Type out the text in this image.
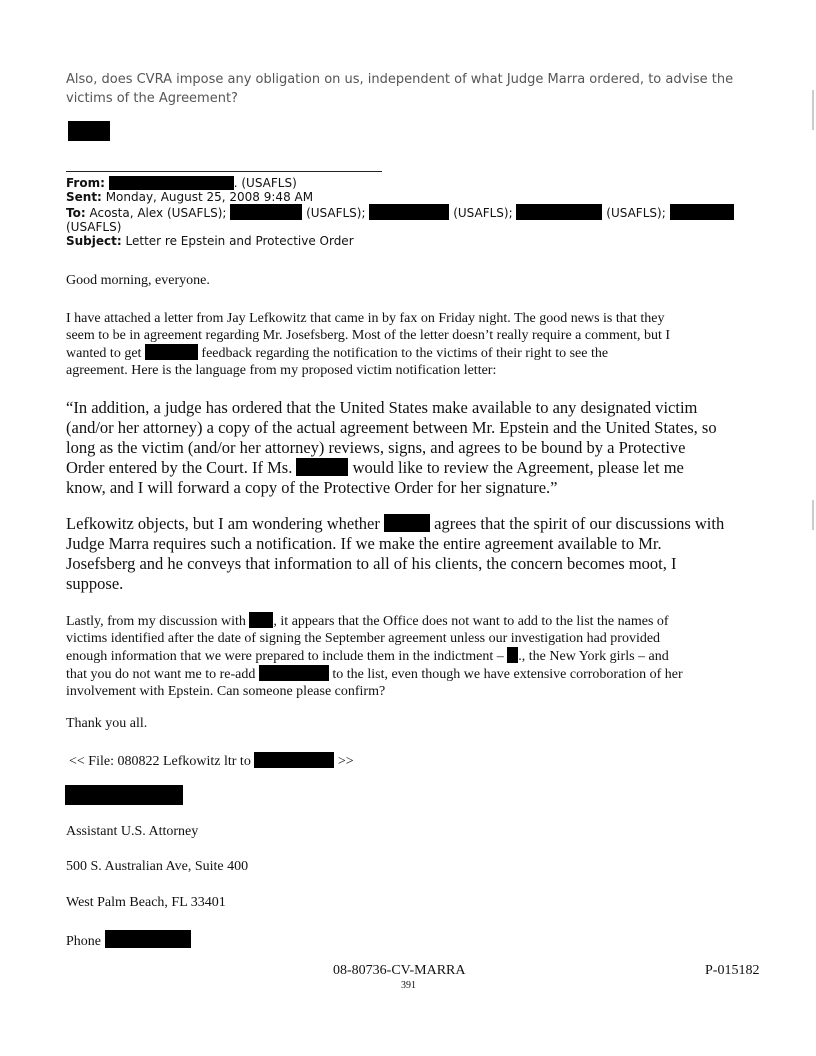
Also, does CVRA impose any obligation on us, independent of what Judge Marra ordered, to advise the victims of the Agreement?
From:	. (USAFLS)
Sent: Monday, August 25, 2008 9:48 AM
To: Acosta, Alex (USAFLS);	(USAFLS);	(USAFLS);	(USAFLS);
(USAFLS)
Subject: Letter re Epstein and Protective Order
Good morning, everyone.
I have attached a letter from Jay Lefkowitz that came in by fax on Friday night. The good news is that they
seem to be in agreement regarding Mr. Josefsberg. Most of the letter doesn’t really require a comment, but I
wanted to get	feedback regarding the notification to the victims of their right to see the
agreement. Here is the language from my proposed victim notification letter:
“In addition, a judge has ordered that the United States make available to any designated victim
(and/or her attorney) a copy of the actual agreement between Mr. Epstein and the United States, so
long as the victim (and/or her attorney) reviews, signs, and agrees to be bound by a Protective
Order entered by the Court. If Ms.	would like to review the Agreement, please let me
know, and I will forward a copy of the Protective Order for her signature.”
Lefkowitz objects, but I am wondering whether	agrees that the spirit of our discussions with
Judge Marra requires such a notification. If we make the entire agreement available to Mr.
Josefsberg and he conveys that information to all of his clients, the concern becomes moot, I
suppose.
Lastly, from my discussion with , it appears that the Office does not want to add to the list the names of
victims identified after the date of signing the September agreement unless our investigation had provided
enough information that we were prepared to include them in the indictment – ., the New York girls – and
that you do not want me to re-add	to the list, even though we have extensive corroboration of her
involvement with Epstein. Can someone please confirm?
Thank you all.
<< File: 080822 Lefkowitz ltr to	>>
Assistant U.S. Attorney
500 S. Australian Ave, Suite 400
West Palm Beach, FL 33401
Phone
08-80736-CV-MARRA
391
P-015182
